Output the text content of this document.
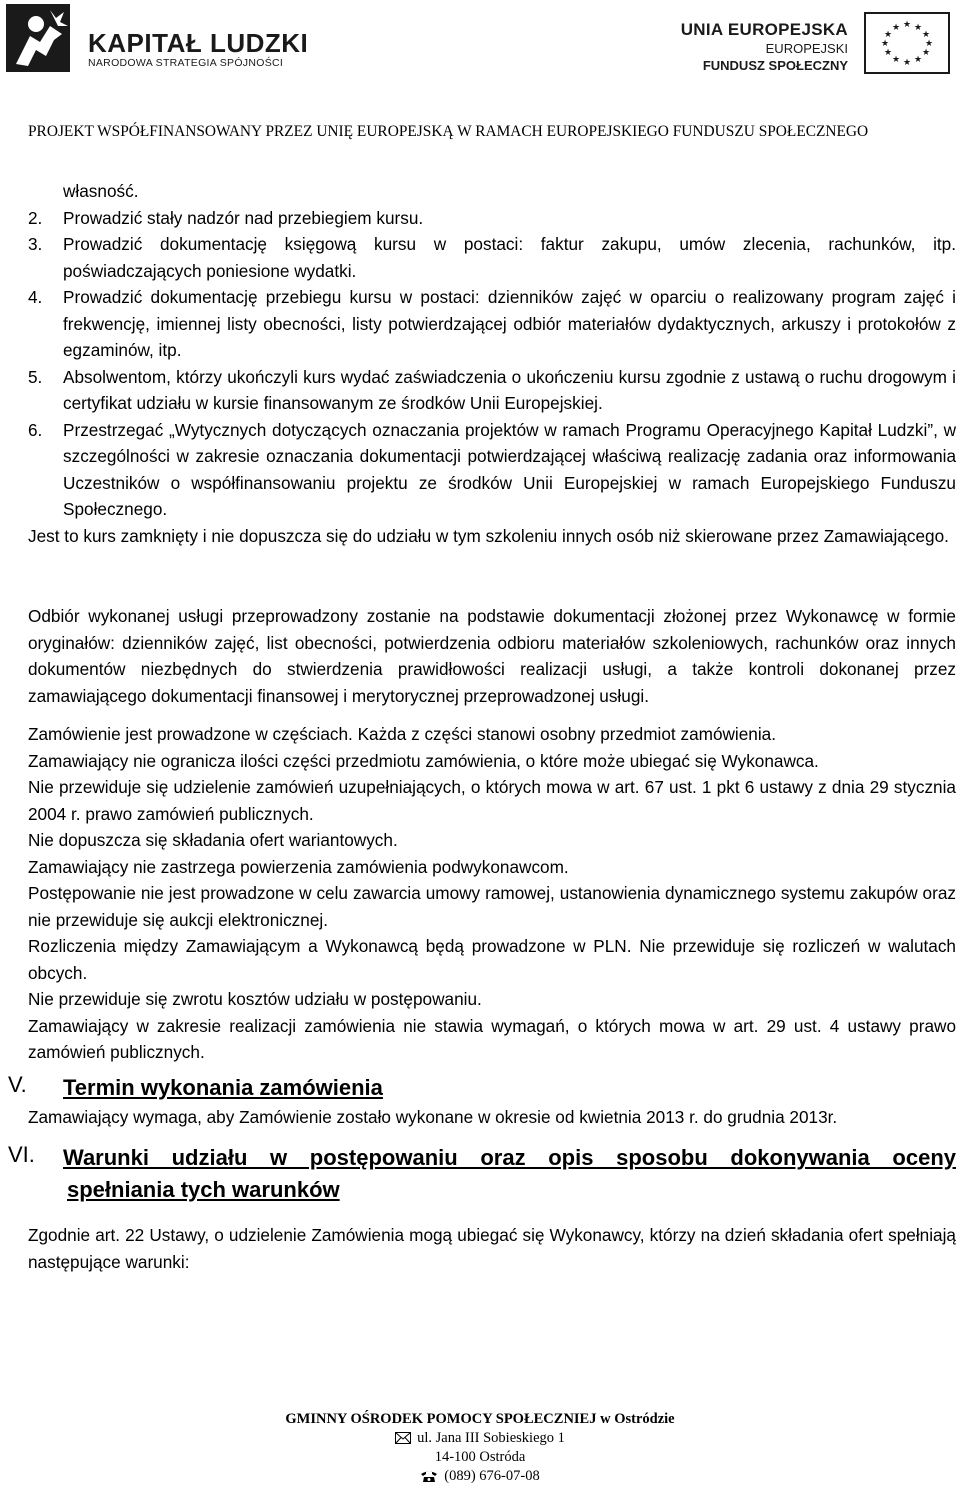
KAPITAŁ LUDZKI
NARODOWA STRATEGIA SPÓJNOŚCI
UNIA EUROPEJSKA
EUROPEJSKI
FUNDUSZ SPOŁECZNY
★ ★
★
★
★
★
★
★
★
★
★
★
PROJEKT WSPÓŁFINANSOWANY PRZEZ UNIĘ EUROPEJSKĄ W RAMACH EUROPEJSKIEGO FUNDUSZU SPOŁECZNEGO

własność.

2. Prowadzić stały nadzór nad przebiegiem kursu.
3. Prowadzić dokumentację księgową kursu w postaci: faktur zakupu, umów zlecenia, rachunków, itp. poświadczających poniesione wydatki.
4. Prowadzić dokumentację przebiegu kursu w postaci: dzienników zajęć w oparciu o realizowany program zajęć i frekwencję, imiennej listy obecności, listy potwierdzającej odbiór materiałów dydaktycznych, arkuszy i protokołów z egzaminów, itp.
5. Absolwentom, którzy ukończyli kurs wydać zaświadczenia o ukończeniu kursu zgodnie z ustawą o ruchu drogowym i certyfikat udziału w kursie finansowanym ze środków Unii Europejskiej.
6. Przestrzegać „Wytycznych dotyczących oznaczania projektów w ramach Programu Operacyjnego Kapitał Ludzki”, w szczególności w zakresie oznaczania dokumentacji potwierdzającej właściwą realizację zadania oraz informowania Uczestników o współfinansowaniu projektu ze środków Unii Europejskiej w ramach Europejskiego Funduszu Społecznego.

Jest to kurs zamknięty i nie dopuszcza się do udziału w tym szkoleniu innych osób niż skierowane przez Zamawiającego.

Odbiór wykonanej usługi przeprowadzony zostanie na podstawie dokumentacji złożonej przez Wykonawcę w formie oryginałów: dzienników zajęć, list obecności, potwierdzenia odbioru materiałów szkoleniowych, rachunków oraz innych dokumentów niezbędnych do stwierdzenia prawidłowości realizacji usługi, a także kontroli dokonanej przez zamawiającego dokumentacji finansowej i merytorycznej przeprowadzonej usługi.

Zamówienie jest prowadzone w częściach. Każda z części stanowi osobny przedmiot zamówienia.

Zamawiający nie ogranicza ilości części przedmiotu zamówienia, o które może ubiegać się Wykonawca.

Nie przewiduje się udzielenie zamówień uzupełniających, o których mowa w art. 67 ust. 1 pkt 6 ustawy z dnia 29 stycznia 2004 r. prawo zamówień publicznych.

Nie dopuszcza się składania ofert wariantowych.

Zamawiający nie zastrzega powierzenia zamówienia podwykonawcom.

Postępowanie nie jest prowadzone w celu zawarcia umowy ramowej, ustanowienia dynamicznego systemu zakupów oraz nie przewiduje się aukcji elektronicznej.

Rozliczenia między Zamawiającym a Wykonawcą będą prowadzone w PLN. Nie przewiduje się rozliczeń w walutach obcych.

Nie przewiduje się zwrotu kosztów udziału w postępowaniu.

Zamawiający w zakresie realizacji zamówienia nie stawia wymagań, o których mowa w art. 29 ust. 4 ustawy prawo zamówień publicznych.

V. Termin wykonania zamówienia

Zamawiający wymaga, aby Zamówienie zostało wykonane w okresie od kwietnia 2013 r. do grudnia 2013r.

VI. Warunki udziału w postępowaniu oraz opis sposobu dokonywania oceny
spełniania tych warunków

Zgodnie art. 22 Ustawy, o udzielenie Zamówienia mogą ubiegać się Wykonawcy, którzy na dzień składania ofert spełniają następujące warunki:

GMINNY OŚRODEK POMOCY SPOŁECZNIEJ w Ostródzie
ul. Jana III Sobieskiego 1
14-100 Ostróda
(089) 676-07-08
